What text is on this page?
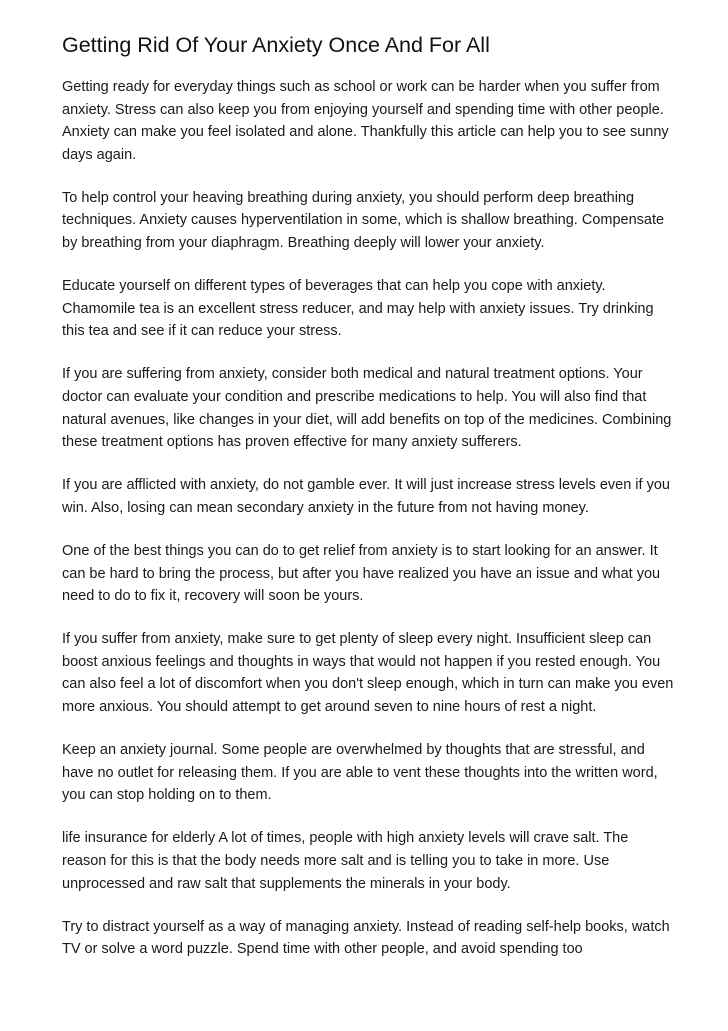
Getting Rid Of Your Anxiety Once And For All

Getting ready for everyday things such as school or work can be harder when you suffer from anxiety. Stress can also keep you from enjoying yourself and spending time with other people. Anxiety can make you feel isolated and alone. Thankfully this article can help you to see sunny days again.

To help control your heaving breathing during anxiety, you should perform deep breathing techniques. Anxiety causes hyperventilation in some, which is shallow breathing. Compensate by breathing from your diaphragm. Breathing deeply will lower your anxiety.

Educate yourself on different types of beverages that can help you cope with anxiety. Chamomile tea is an excellent stress reducer, and may help with anxiety issues. Try drinking this tea and see if it can reduce your stress.

If you are suffering from anxiety, consider both medical and natural treatment options. Your doctor can evaluate your condition and prescribe medications to help. You will also find that natural avenues, like changes in your diet, will add benefits on top of the medicines. Combining these treatment options has proven effective for many anxiety sufferers.

If you are afflicted with anxiety, do not gamble ever. It will just increase stress levels even if you win. Also, losing can mean secondary anxiety in the future from not having money.

One of the best things you can do to get relief from anxiety is to start looking for an answer. It can be hard to bring the process, but after you have realized you have an issue and what you need to do to fix it, recovery will soon be yours.

If you suffer from anxiety, make sure to get plenty of sleep every night. Insufficient sleep can boost anxious feelings and thoughts in ways that would not happen if you rested enough. You can also feel a lot of discomfort when you don't sleep enough, which in turn can make you even more anxious. You should attempt to get around seven to nine hours of rest a night.

Keep an anxiety journal. Some people are overwhelmed by thoughts that are stressful, and have no outlet for releasing them. If you are able to vent these thoughts into the written word, you can stop holding on to them.

life insurance for elderly A lot of times, people with high anxiety levels will crave salt. The reason for this is that the body needs more salt and is telling you to take in more. Use unprocessed and raw salt that supplements the minerals in your body.

Try to distract yourself as a way of managing anxiety. Instead of reading self-help books, watch TV or solve a word puzzle. Spend time with other people, and avoid spending too
